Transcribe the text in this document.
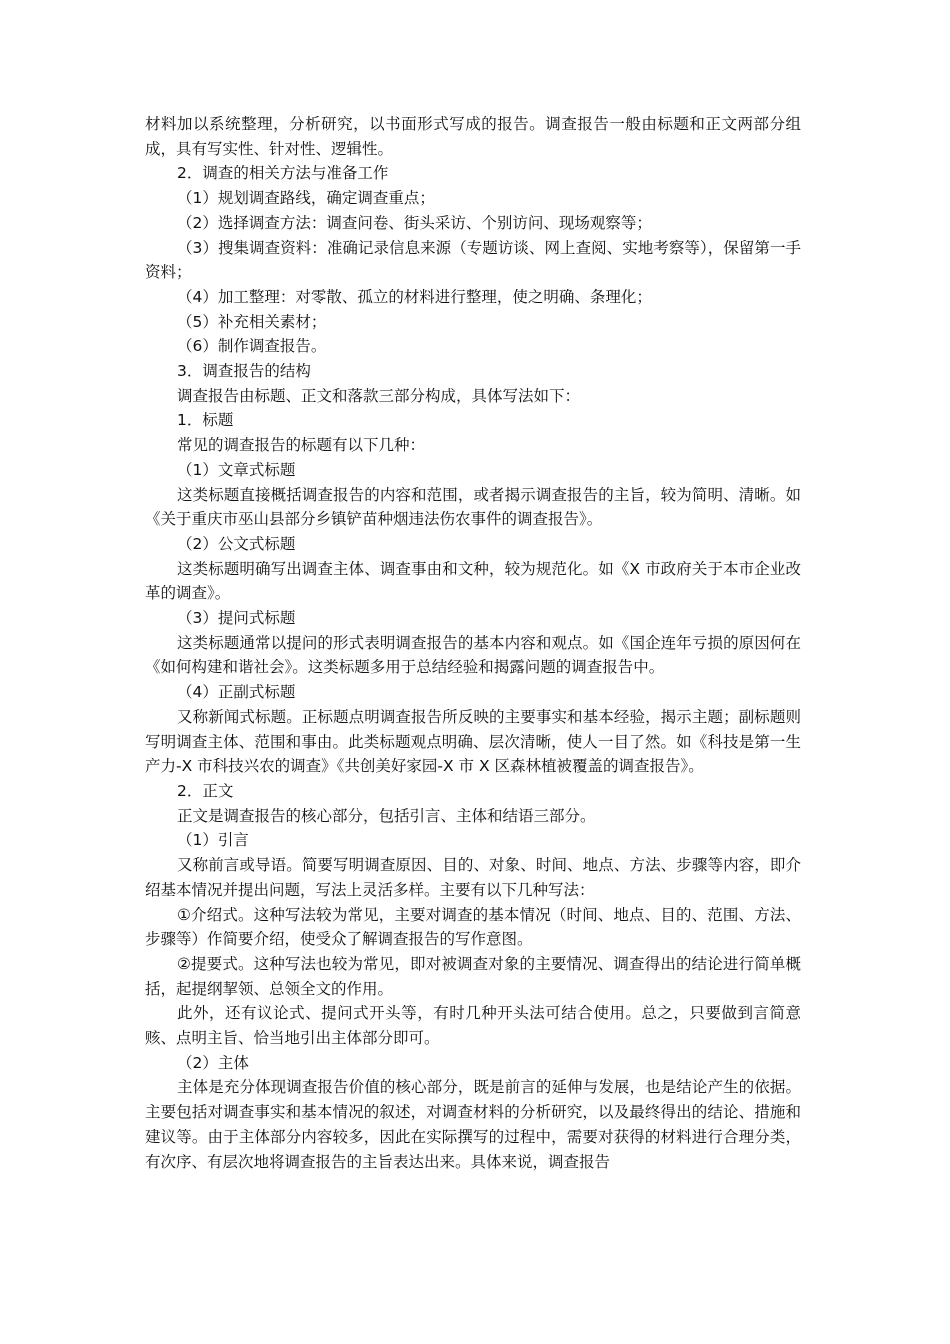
材料加以系统整理，分析研究，以书面形式写成的报告。调查报告一般由标题和正文两部分组成，具有写实性、针对性、逻辑性。

2．调查的相关方法与准备工作

（1）规划调查路线，确定调查重点；

（2）选择调查方法：调查问卷、街头采访、个别访问、现场观察等；

（3）搜集调查资料：准确记录信息来源（专题访谈、网上查阅、实地考察等），保留第一手资料；

（4）加工整理：对零散、孤立的材料进行整理，使之明确、条理化；

（5）补充相关素材；

（6）制作调查报告。

3．调查报告的结构

调查报告由标题、正文和落款三部分构成，具体写法如下：

1．标题

常见的调查报告的标题有以下几种：

（1）文章式标题

这类标题直接概括调查报告的内容和范围，或者揭示调查报告的主旨，较为简明、清晰。如《关于重庆市巫山县部分乡镇铲苗种烟违法伤农事件的调查报告》。

（2）公文式标题

这类标题明确写出调查主体、调查事由和文种，较为规范化。如《X 市政府关于本市企业改革的调查》。

（3）提问式标题

这类标题通常以提问的形式表明调查报告的基本内容和观点。如《国企连年亏损的原因何在《如何构建和谐社会》。这类标题多用于总结经验和揭露问题的调查报告中。

（4）正副式标题

又称新闻式标题。正标题点明调查报告所反映的主要事实和基本经验，揭示主题；副标题则写明调查主体、范围和事由。此类标题观点明确、层次清晰，使人一目了然。如《科技是第一生产力-X 市科技兴农的调查》《共创美好家园-X 市 X 区森林植被覆盖的调查报告》。

2．正文

正文是调查报告的核心部分，包括引言、主体和结语三部分。

（1）引言

又称前言或导语。简要写明调查原因、目的、对象、时间、地点、方法、步骤等内容，即介绍基本情况并提出问题，写法上灵活多样。主要有以下几种写法：

①介绍式。这种写法较为常见，主要对调查的基本情况（时间、地点、目的、范围、方法、步骤等）作简要介绍，使受众了解调查报告的写作意图。

②提要式。这种写法也较为常见，即对被调查对象的主要情况、调查得出的结论进行简单概括，起提纲挈领、总领全文的作用。

此外，还有议论式、提问式开头等，有时几种开头法可结合使用。总之，只要做到言简意赅、点明主旨、恰当地引出主体部分即可。

（2）主体

主体是充分体现调查报告价值的核心部分，既是前言的延伸与发展，也是结论产生的依据。主要包括对调查事实和基本情况的叙述，对调查材料的分析研究，以及最终得出的结论、措施和建议等。由于主体部分内容较多，因此在实际撰写的过程中，需要对获得的材料进行合理分类，有次序、有层次地将调查报告的主旨表达出来。具体来说，调查报告
